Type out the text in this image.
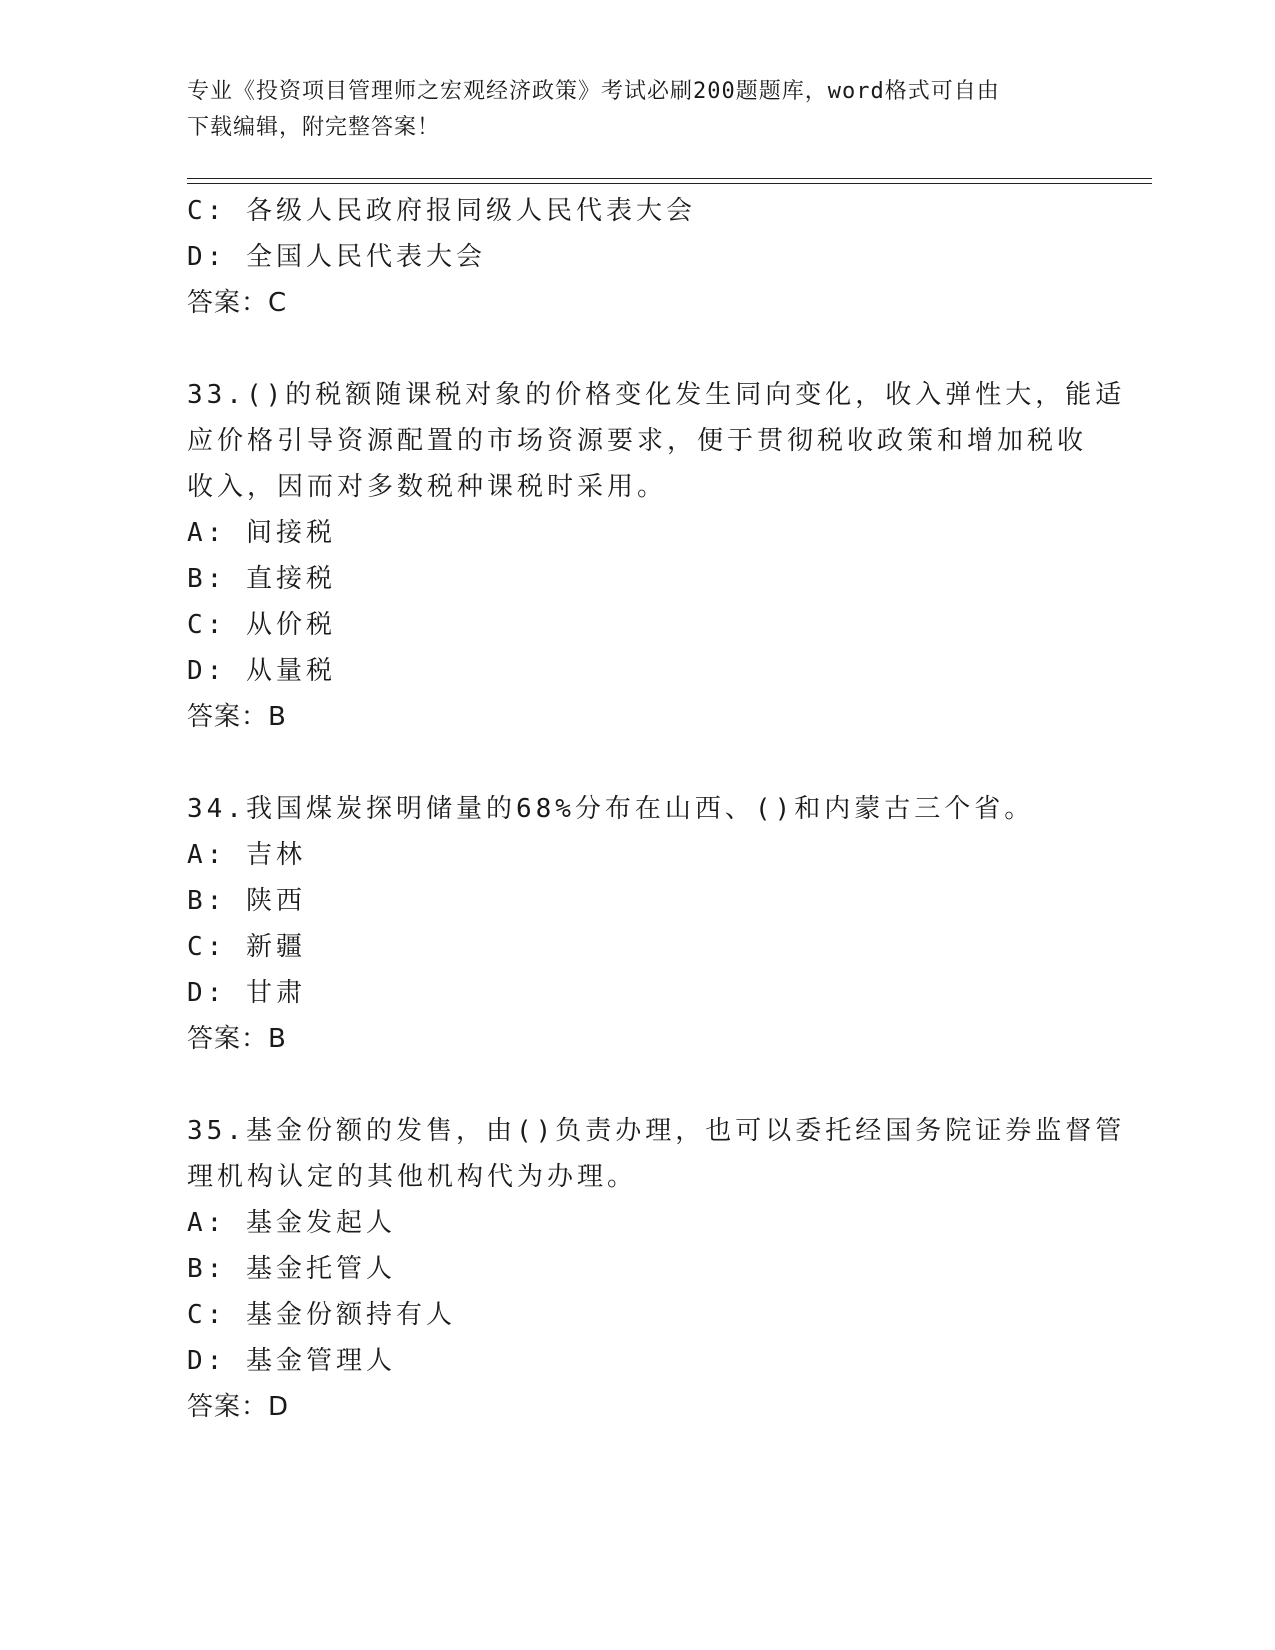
专业《投资项目管理师之宏观经济政策》考试必刷200题题库，word格式可自由
下载编辑，附完整答案！
C: 各级人民政府报同级人民代表大会
D: 全国人民代表大会
答案：C
33.()的税额随课税对象的价格变化发生同向变化，收入弹性大，能适
应价格引导资源配置的市场资源要求，便于贯彻税收政策和增加税收
收入，因而对多数税种课税时采用。
A: 间接税
B: 直接税
C: 从价税
D: 从量税
答案：B
34.我国煤炭探明储量的68%分布在山西、()和内蒙古三个省。
A: 吉林
B: 陕西
C: 新疆
D: 甘肃
答案：B
35.基金份额的发售，由()负责办理，也可以委托经国务院证券监督管
理机构认定的其他机构代为办理。
A: 基金发起人
B: 基金托管人
C: 基金份额持有人
D: 基金管理人
答案：D
